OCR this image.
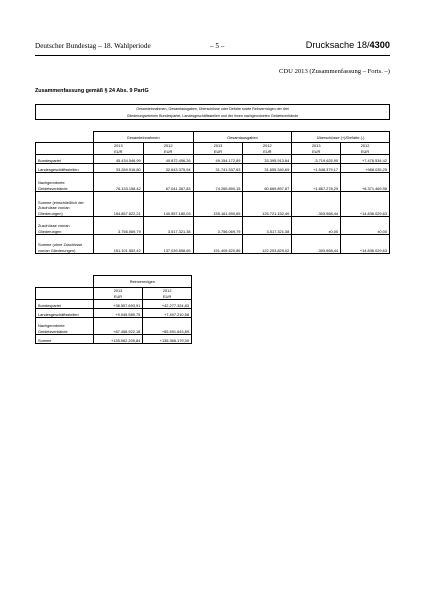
Deutscher Bundestag – 18. Wahlperiode	– 5 –	Drucksache 18/4300
CDU 2013 (Zusammenfassung – Forts. –)
Zusammenfassung gemäß § 24 Abs. 9 PartG
Gesamteinnahmen, Gesamtausgaben, Überschüsse oder Defizite sowie Reinvermögen der drei
Gliederungsebenen Bundespartei, Landesgeschäftsstellen und der ihnen nachgeordneten Gebietsverbände
	Gesamteinnahmen		Gesamtausgaben		Überschüsse (+)/Defizite (-)	
	2013	2012	2013	2012	2013	2012
	EUR	EUR	EUR	EUR	EUR	EUR
Bundespartei	45.434.546,99	40.872.456,26	49.154.172,89	33.395.913,84	-3.719.625,90	+7.476.534,42
Landesgeschäftsstellen	33.289.916,80	32.643.375,94	31.741.537,63	31.655.340,69	+1.548.379,17	+988.035,25
Nachgeordnete Gebietsverbände	76.133.158,42	67.041.367,83	74.265.890,15	60.669.897,87	+1.867.278,29	+6.371.469,96
Summe (einschließlich der Zuschüsse von/an Gliederungen)	154.857.622,21	140.557.180,03	155.161.590,65	125.721.152,40	-303.968,44	+14.836.029,63
Zuschüsse von/an Gliederungen	3.756.069,79	3.517.321,38	3.756.069,79	3.517.321,38	±0,00	±0,00
Summe (ohne Zuschüsse von/an Gliederungen)	151.101.552,42	137.039.858,65	151.405.520,86	122.203.829,02	-303.968,44	+14.836.029,63
	Reinvermögen	
	2013	2012
	EUR	EUR
Bundespartei	+38.557.693,91	+42.277.324,83
Landesgeschäftsstellen	+9.045.589,75	+7.497.210,58
Nachgeordnete Gebietsverbände	+87.458.922,18	+85.591.643,89
Summe	+135.062.205,84	+135.366.179,30
